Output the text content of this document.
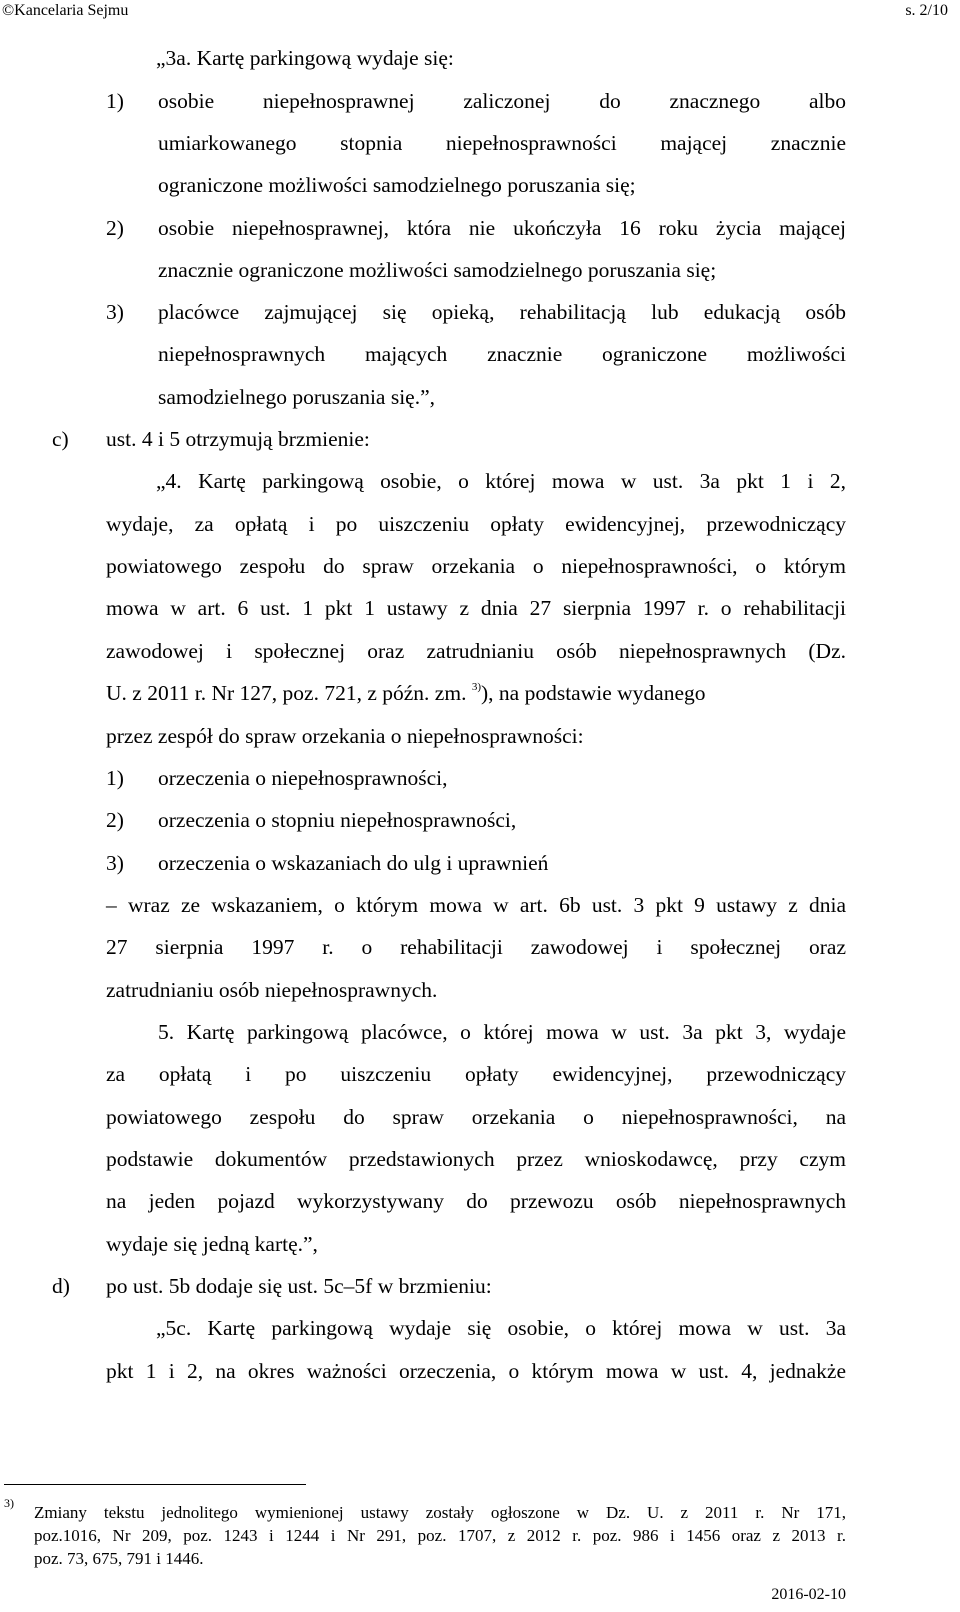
©Kancelaria Sejmu	s. 2/10
„3a. Kartę parkingową wydaje się:
1) osobie niepełnosprawnej zaliczonej do znacznego albo
umiarkowanego stopnia niepełnosprawności mającej znacznie
ograniczone możliwości samodzielnego poruszania się;
2) osobie niepełnosprawnej, która nie ukończyła 16 roku życia mającej
znacznie ograniczone możliwości samodzielnego poruszania się;
3) placówce zajmującej się opieką, rehabilitacją lub edukacją osób
niepełnosprawnych mających znacznie ograniczone możliwości
samodzielnego poruszania się.”,
c) ust. 4 i 5 otrzymują brzmienie:
„4. Kartę parkingową osobie, o której mowa w ust. 3a pkt 1 i 2,
wydaje, za opłatą i po uiszczeniu opłaty ewidencyjnej, przewodniczący
powiatowego zespołu do spraw orzekania o niepełnosprawności, o którym
mowa w art. 6 ust. 1 pkt 1 ustawy z dnia 27 sierpnia 1997 r. o rehabilitacji
zawodowej i społecznej oraz zatrudnianiu osób niepełnosprawnych (Dz.
U. z 2011 r. Nr 127, poz. 721, z późn. zm. $^{3)}$), na podstawie wydanego
przez zespół do spraw orzekania o niepełnosprawności:
1) orzeczenia o niepełnosprawności,
2) orzeczenia o stopniu niepełnosprawności,
3) orzeczenia o wskazaniach do ulg i uprawnień
– wraz ze wskazaniem, o którym mowa w art. 6b ust. 3 pkt 9 ustawy z dnia
27 sierpnia 1997 r. o rehabilitacji zawodowej i społecznej oraz
zatrudnianiu osób niepełnosprawnych.
5. Kartę parkingową placówce, o której mowa w ust. 3a pkt 3, wydaje
za opłatą i po uiszczeniu opłaty ewidencyjnej, przewodniczący
powiatowego zespołu do spraw orzekania o niepełnosprawności, na
podstawie dokumentów przedstawionych przez wnioskodawcę, przy czym
na jeden pojazd wykorzystywany do przewozu osób niepełnosprawnych
wydaje się jedną kartę.”,
d) po ust. 5b dodaje się ust. 5c–5f w brzmieniu:
„5c. Kartę parkingową wydaje się osobie, o której mowa w ust. 3a
pkt 1 i 2, na okres ważności orzeczenia, o którym mowa w ust. 4, jednakże
3) Zmiany tekstu jednolitego wymienionej ustawy zostały ogłoszone w Dz. U. z 2011 r. Nr 171,
poz.1016, Nr 209, poz. 1243 i 1244 i Nr 291, poz. 1707, z 2012 r. poz. 986 i 1456 oraz z 2013 r.
poz. 73, 675, 791 i 1446.
2016-02-10
